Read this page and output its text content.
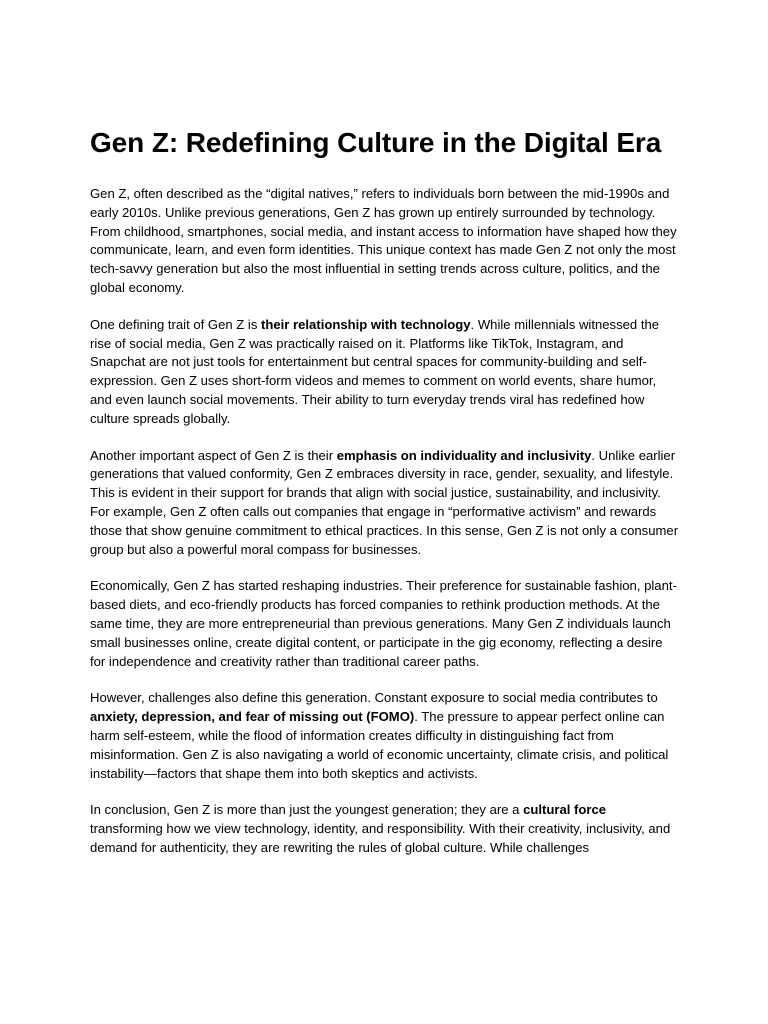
Gen Z: Redefining Culture in the Digital Era

Gen Z, often described as the “digital natives,” refers to individuals born between the mid-1990s and early 2010s. Unlike previous generations, Gen Z has grown up entirely surrounded by technology. From childhood, smartphones, social media, and instant access to information have shaped how they communicate, learn, and even form identities. This unique context has made Gen Z not only the most tech-savvy generation but also the most influential in setting trends across culture, politics, and the global economy.

One defining trait of Gen Z is their relationship with technology. While millennials witnessed the rise of social media, Gen Z was practically raised on it. Platforms like TikTok, Instagram, and Snapchat are not just tools for entertainment but central spaces for community-building and self-expression. Gen Z uses short-form videos and memes to comment on world events, share humor, and even launch social movements. Their ability to turn everyday trends viral has redefined how culture spreads globally.

Another important aspect of Gen Z is their emphasis on individuality and inclusivity. Unlike earlier generations that valued conformity, Gen Z embraces diversity in race, gender, sexuality, and lifestyle. This is evident in their support for brands that align with social justice, sustainability, and inclusivity. For example, Gen Z often calls out companies that engage in “performative activism” and rewards those that show genuine commitment to ethical practices. In this sense, Gen Z is not only a consumer group but also a powerful moral compass for businesses.

Economically, Gen Z has started reshaping industries. Their preference for sustainable fashion, plant-based diets, and eco-friendly products has forced companies to rethink production methods. At the same time, they are more entrepreneurial than previous generations. Many Gen Z individuals launch small businesses online, create digital content, or participate in the gig economy, reflecting a desire for independence and creativity rather than traditional career paths.

However, challenges also define this generation. Constant exposure to social media contributes to anxiety, depression, and fear of missing out (FOMO). The pressure to appear perfect online can harm self-esteem, while the flood of information creates difficulty in distinguishing fact from misinformation. Gen Z is also navigating a world of economic uncertainty, climate crisis, and political instability—factors that shape them into both skeptics and activists.

In conclusion, Gen Z is more than just the youngest generation; they are a cultural force transforming how we view technology, identity, and responsibility. With their creativity, inclusivity, and demand for authenticity, they are rewriting the rules of global culture. While challenges
